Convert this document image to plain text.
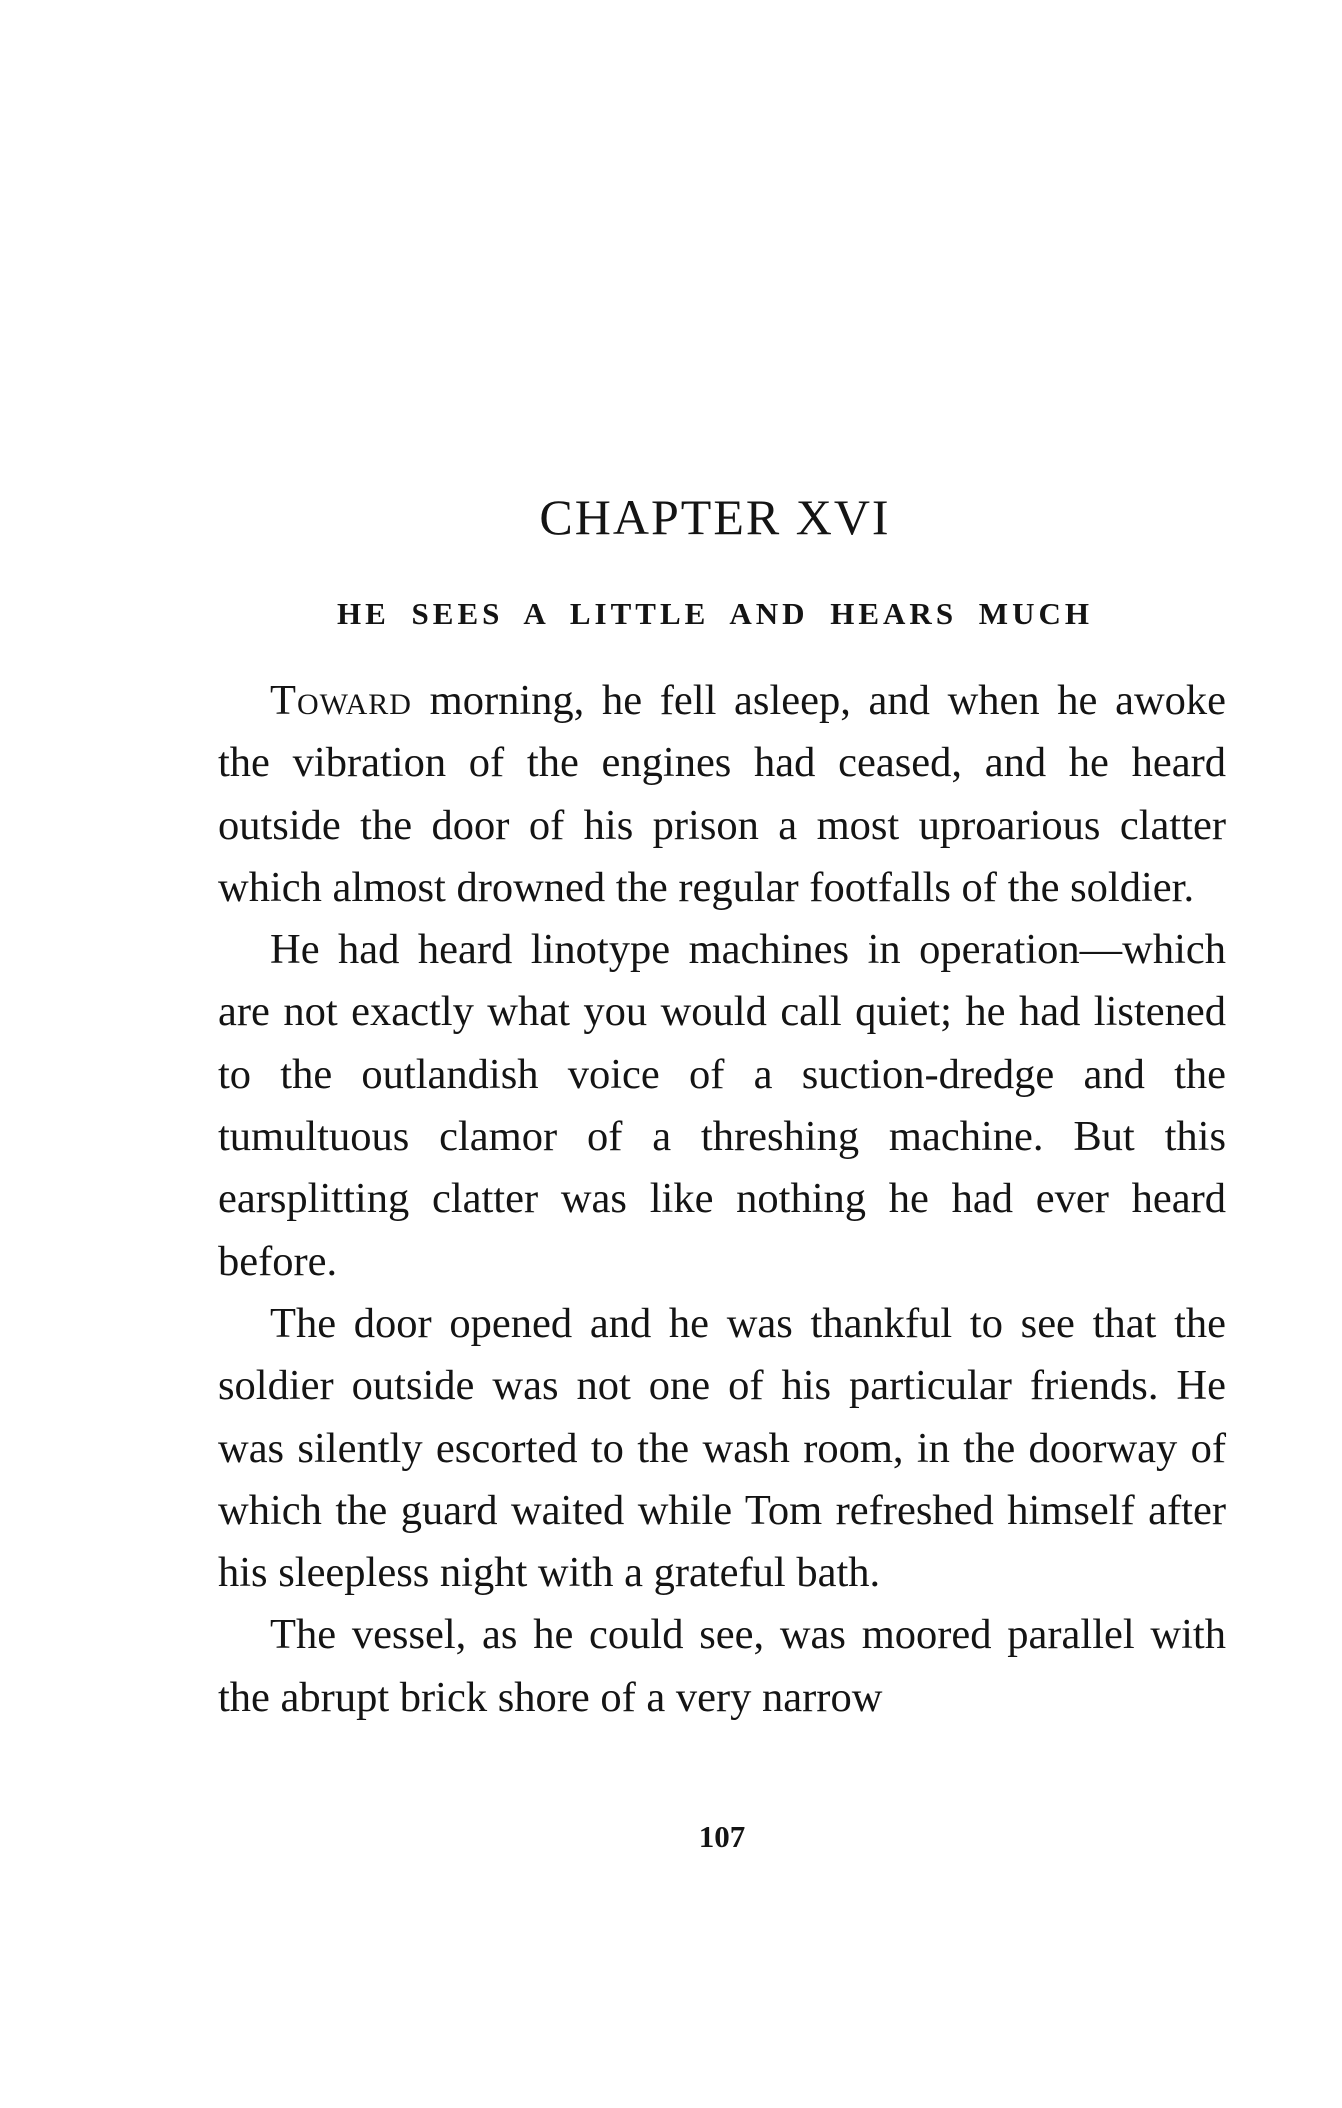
CHAPTER XVI
HE SEES A LITTLE AND HEARS MUCH

Toward morning, he fell asleep, and when he awoke the vibration of the engines had ceased, and he heard outside the door of his prison a most uproarious clatter which almost drowned the regular footfalls of the soldier.

He had heard linotype machines in operation—which are not exactly what you would call quiet; he had listened to the outlandish voice of a suction-dredge and the tumultuous clamor of a threshing machine. But this earsplitting clatter was like nothing he had ever heard before.

The door opened and he was thankful to see that the soldier outside was not one of his particular friends. He was silently escorted to the wash room, in the doorway of which the guard waited while Tom refreshed himself after his sleepless night with a grateful bath.

The vessel, as he could see, was moored parallel with the abrupt brick shore of a very narrow

107
